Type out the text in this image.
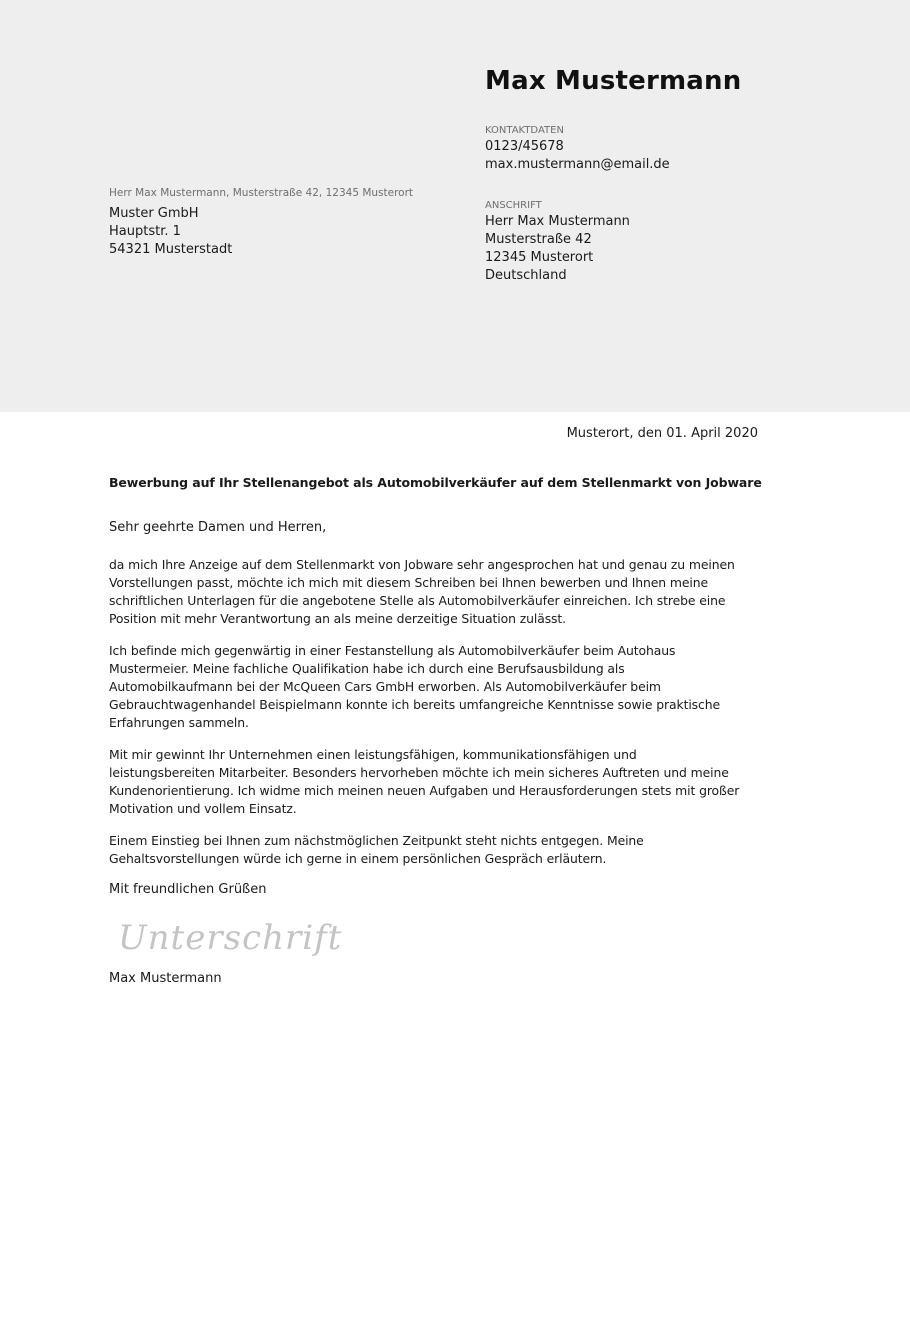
Max Mustermann
KONTAKTDATEN
0123/45678
max.mustermann@email.de
ANSCHRIFT
Herr Max Mustermann
Musterstraße 42
12345 Musterort
Deutschland
Herr Max Mustermann, Musterstraße 42, 12345 Musterort
Muster GmbH
Hauptstr. 1
54321 Musterstadt
Musterort, den 01. April 2020
Bewerbung auf Ihr Stellenangebot als Automobilverkäufer auf dem Stellenmarkt von Jobware
Sehr geehrte Damen und Herren,

da mich Ihre Anzeige auf dem Stellenmarkt von Jobware sehr angesprochen hat und genau zu meinen Vorstellungen passt, möchte ich mich mit diesem Schreiben bei Ihnen bewerben und Ihnen meine schriftlichen Unterlagen für die angebotene Stelle als Automobilverkäufer einreichen. Ich strebe eine Position mit mehr Verantwortung an als meine derzeitige Situation zulässt.

Ich befinde mich gegenwärtig in einer Festanstellung als Automobilverkäufer beim Autohaus Mustermeier. Meine fachliche Qualifikation habe ich durch eine Berufsausbildung als Automobilkaufmann bei der McQueen Cars GmbH erworben. Als Automobilverkäufer beim Gebrauchtwagenhandel Beispielmann konnte ich bereits umfangreiche Kenntnisse sowie praktische Erfahrungen sammeln.

Mit mir gewinnt Ihr Unternehmen einen leistungsfähigen, kommunikationsfähigen und leistungsbereiten Mitarbeiter. Besonders hervorheben möchte ich mein sicheres Auftreten und meine Kundenorientierung. Ich widme mich meinen neuen Aufgaben und Herausforderungen stets mit großer Motivation und vollem Einsatz.

Einem Einstieg bei Ihnen zum nächstmöglichen Zeitpunkt steht nichts entgegen. Meine Gehaltsvorstellungen würde ich gerne in einem persönlichen Gespräch erläutern.

Mit freundlichen Grüßen
Unterschrift
Max Mustermann
